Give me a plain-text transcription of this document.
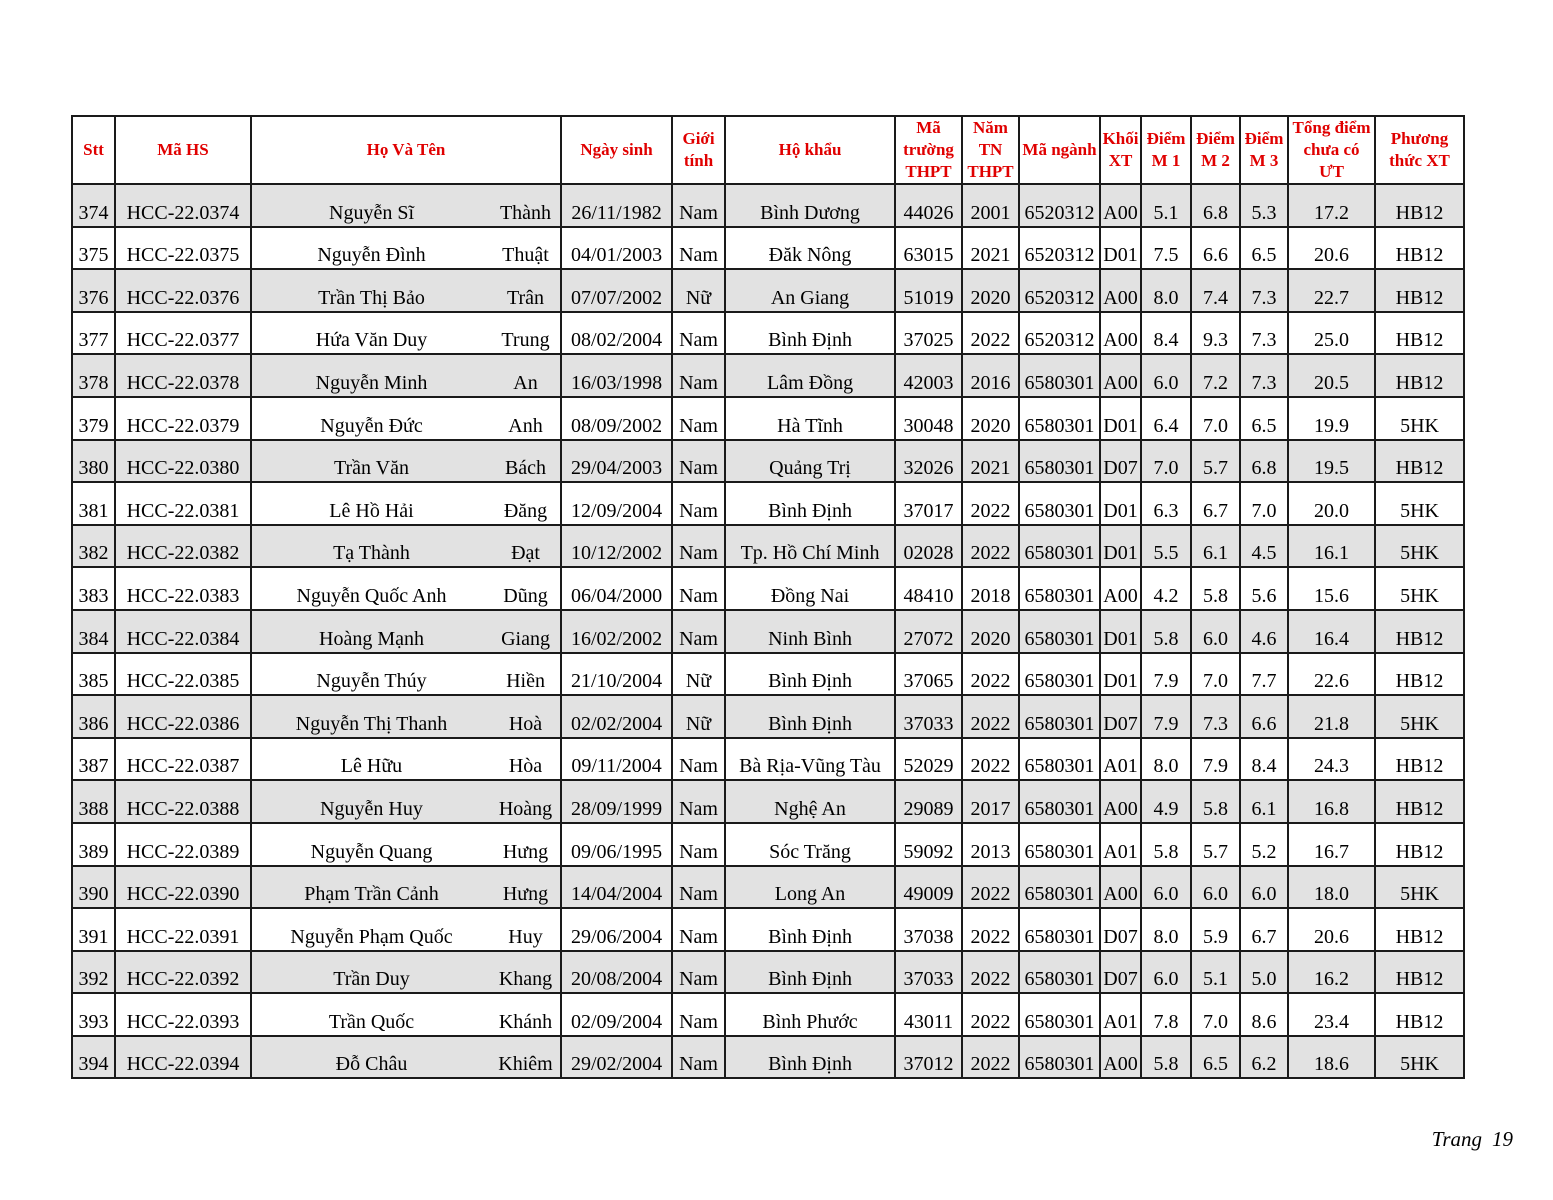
Stt	Mã HS	Họ Và Tên		Ngày sinh	Giới tính	Hộ khẩu	Mã trường THPT	Năm TN THPT	Mã ngành	Khối XT	Điểm M 1	Điểm M 2	Điểm M 3	Tổng điểm chưa có ƯT	Phương thức XT
374	HCC-22.0374	Nguyễn Sĩ	Thành	26/11/1982	Nam	Bình Dương	44026	2001	6520312	A00	5.1	6.8	5.3	17.2	HB12
375	HCC-22.0375	Nguyễn Đình	Thuật	04/01/2003	Nam	Đăk Nông	63015	2021	6520312	D01	7.5	6.6	6.5	20.6	HB12
376	HCC-22.0376	Trần Thị Bảo	Trân	07/07/2002	Nữ	An Giang	51019	2020	6520312	A00	8.0	7.4	7.3	22.7	HB12
377	HCC-22.0377	Hứa Văn Duy	Trung	08/02/2004	Nam	Bình Định	37025	2022	6520312	A00	8.4	9.3	7.3	25.0	HB12
378	HCC-22.0378	Nguyễn Minh	An	16/03/1998	Nam	Lâm Đồng	42003	2016	6580301	A00	6.0	7.2	7.3	20.5	HB12
379	HCC-22.0379	Nguyễn Đức	Anh	08/09/2002	Nam	Hà Tĩnh	30048	2020	6580301	D01	6.4	7.0	6.5	19.9	5HK
380	HCC-22.0380	Trần Văn	Bách	29/04/2003	Nam	Quảng Trị	32026	2021	6580301	D07	7.0	5.7	6.8	19.5	HB12
381	HCC-22.0381	Lê Hồ Hải	Đăng	12/09/2004	Nam	Bình Định	37017	2022	6580301	D01	6.3	6.7	7.0	20.0	5HK
382	HCC-22.0382	Tạ Thành	Đạt	10/12/2002	Nam	Tp. Hồ Chí Minh	02028	2022	6580301	D01	5.5	6.1	4.5	16.1	5HK
383	HCC-22.0383	Nguyễn Quốc Anh	Dũng	06/04/2000	Nam	Đồng Nai	48410	2018	6580301	A00	4.2	5.8	5.6	15.6	5HK
384	HCC-22.0384	Hoàng Mạnh	Giang	16/02/2002	Nam	Ninh Bình	27072	2020	6580301	D01	5.8	6.0	4.6	16.4	HB12
385	HCC-22.0385	Nguyễn Thúy	Hiền	21/10/2004	Nữ	Bình Định	37065	2022	6580301	D01	7.9	7.0	7.7	22.6	HB12
386	HCC-22.0386	Nguyễn Thị Thanh	Hoà	02/02/2004	Nữ	Bình Định	37033	2022	6580301	D07	7.9	7.3	6.6	21.8	5HK
387	HCC-22.0387	Lê Hữu	Hòa	09/11/2004	Nam	Bà Rịa-Vũng Tàu	52029	2022	6580301	A01	8.0	7.9	8.4	24.3	HB12
388	HCC-22.0388	Nguyễn Huy	Hoàng	28/09/1999	Nam	Nghệ An	29089	2017	6580301	A00	4.9	5.8	6.1	16.8	HB12
389	HCC-22.0389	Nguyễn Quang	Hưng	09/06/1995	Nam	Sóc Trăng	59092	2013	6580301	A01	5.8	5.7	5.2	16.7	HB12
390	HCC-22.0390	Phạm Trần Cảnh	Hưng	14/04/2004	Nam	Long An	49009	2022	6580301	A00	6.0	6.0	6.0	18.0	5HK
391	HCC-22.0391	Nguyễn Phạm Quốc	Huy	29/06/2004	Nam	Bình Định	37038	2022	6580301	D07	8.0	5.9	6.7	20.6	HB12
392	HCC-22.0392	Trần Duy	Khang	20/08/2004	Nam	Bình Định	37033	2022	6580301	D07	6.0	5.1	5.0	16.2	HB12
393	HCC-22.0393	Trần Quốc	Khánh	02/09/2004	Nam	Bình Phước	43011	2022	6580301	A01	7.8	7.0	8.6	23.4	HB12
394	HCC-22.0394	Đỗ Châu	Khiêm	29/02/2004	Nam	Bình Định	37012	2022	6580301	A00	5.8	6.5	6.2	18.6	5HK
Trang 19
